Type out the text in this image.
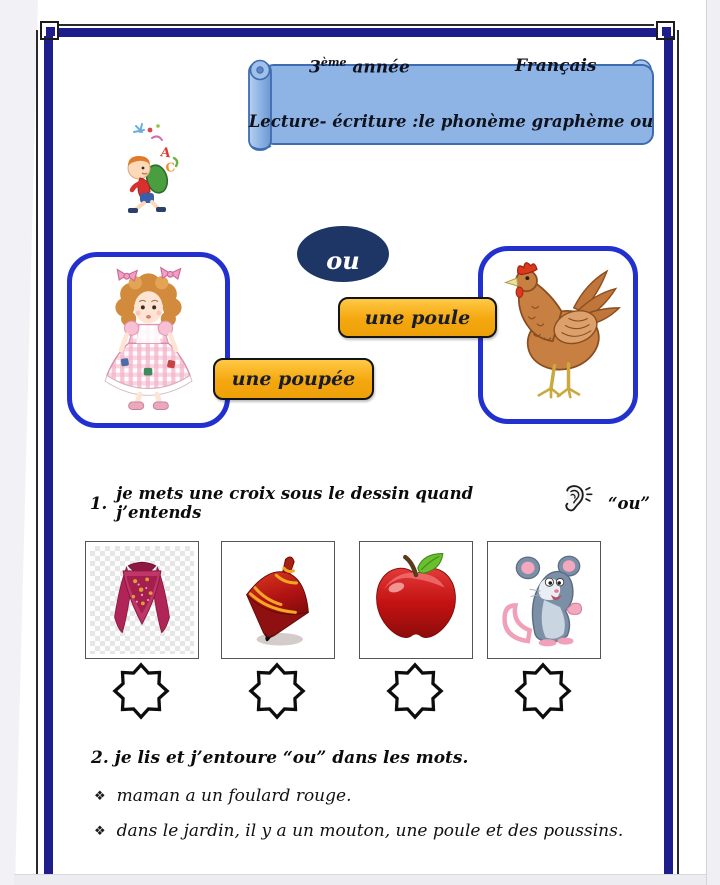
3ème année	Français
Lecture- écriture :le phonème graphème ou
A
C
ou
une poule
une poupée
1. je mets une croix sous le dessin quand j’entends	“ou”
2. je lis et j’entoure “ou” dans les mots.
❖ maman a un foulard rouge.
❖ dans le jardin, il y a un mouton, une poule et des poussins.
